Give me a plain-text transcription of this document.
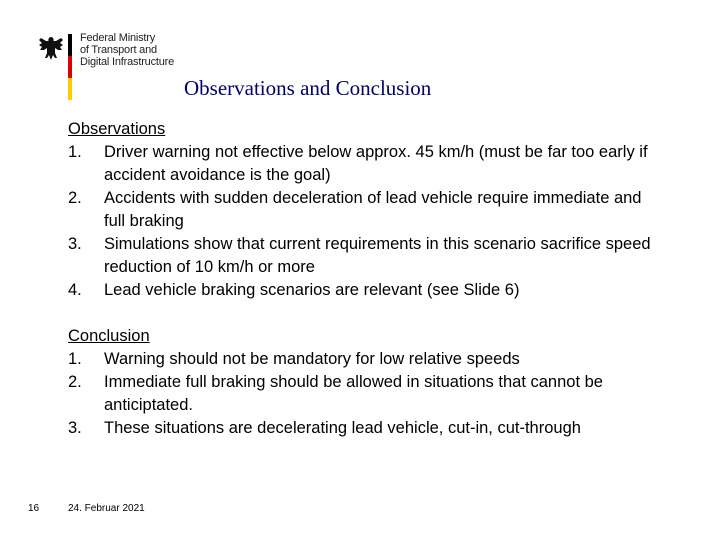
Federal Ministry
of Transport and
Digital Infrastructure
Observations and Conclusion
Observations
1. Driver warning not effective below approx. 45 km/h (must be far too early if accident avoidance is the goal)
2. Accidents with sudden deceleration of lead vehicle require immediate and full braking
3. Simulations show that current requirements in this scenario sacrifice speed reduction of 10 km/h or more
4. Lead vehicle braking scenarios are relevant (see Slide 6)
Conclusion
1. Warning should not be mandatory for low relative speeds
2. Immediate full braking should be allowed in situations that cannot be anticiptated.
3. These situations are decelerating lead vehicle, cut-in, cut-through
16	24. Februar 2021
